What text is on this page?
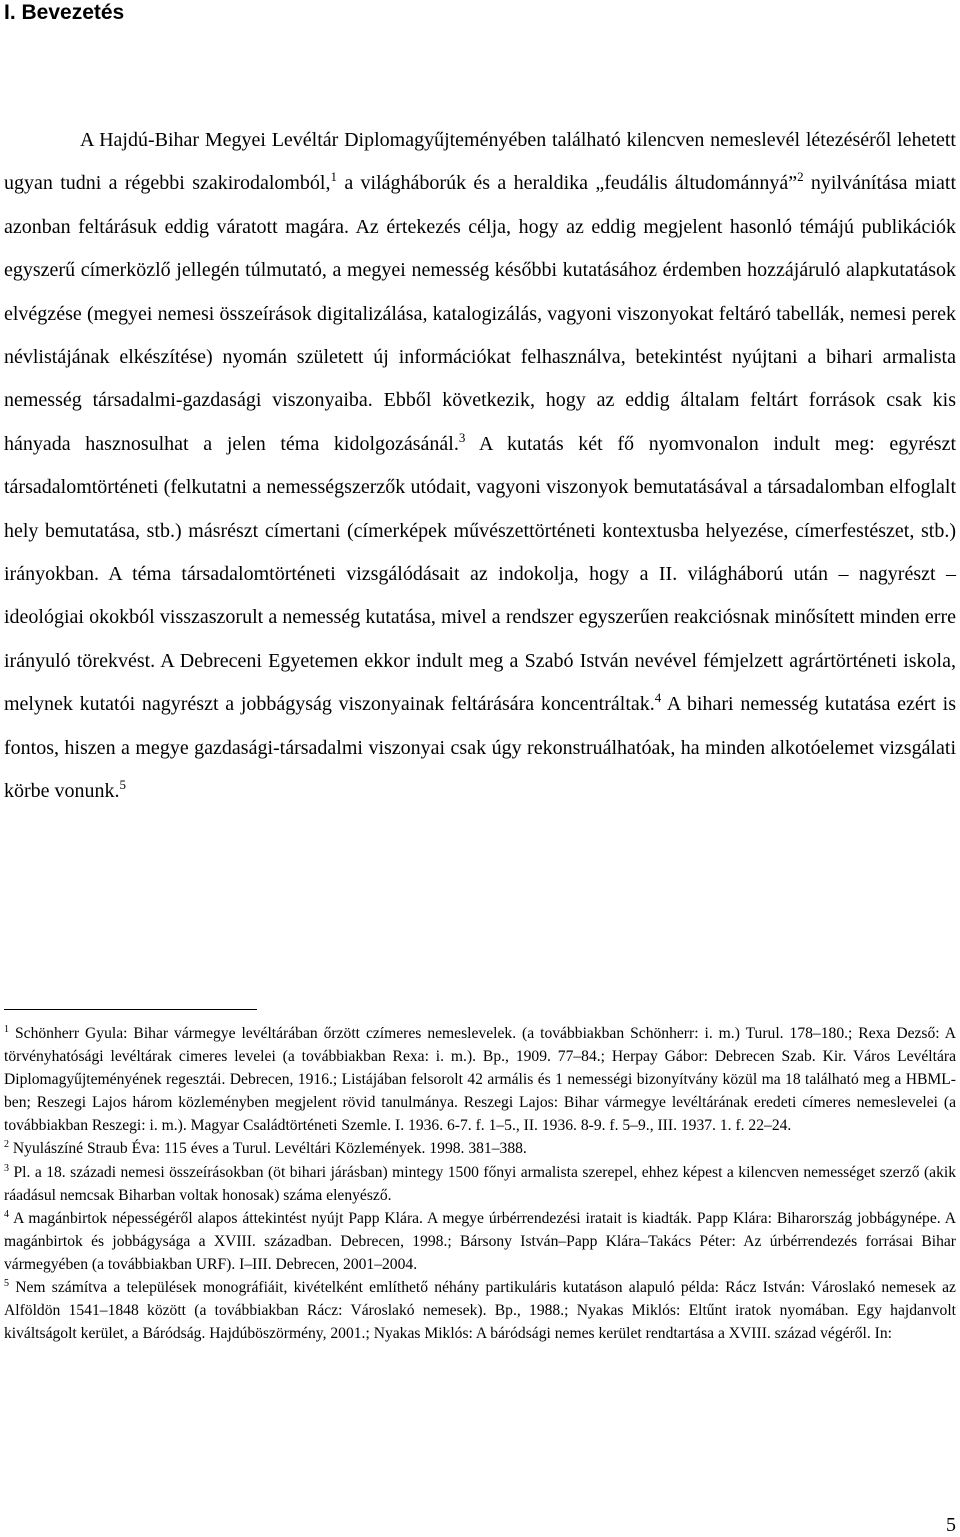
I. Bevezetés
A Hajdú-Bihar Megyei Levéltár Diplomagyűjteményében található kilencven nemeslevél létezéséről lehetett ugyan tudni a régebbi szakirodalomból,$^1$ a világháborúk és a heraldika „feudális áltudománnyá”$^2$ nyilvánítása miatt azonban feltárásuk eddig váratott magára. Az értekezés célja, hogy az eddig megjelent hasonló témájú publikációk egyszerű címerközlő jellegén túlmutató, a megyei nemesség későbbi kutatásához érdemben hozzájáruló alapkutatások elvégzése (megyei nemesi összeírások digitalizálása, katalogizálás, vagyoni viszonyokat feltáró tabellák, nemesi perek névlistájának elkészítése) nyomán született új információkat felhasználva, betekintést nyújtani a bihari armalista nemesség társadalmi-gazdasági viszonyaiba. Ebből következik, hogy az eddig általam feltárt források csak kis hányada hasznosulhat a jelen téma kidolgozásánál.$^3$ A kutatás két fő nyomvonalon indult meg: egyrészt társadalomtörténeti (felkutatni a nemességszerzők utódait, vagyoni viszonyok bemutatásával a társadalomban elfoglalt hely bemutatása, stb.) másrészt címertani (címerképek művészettörténeti kontextusba helyezése, címerfestészet, stb.) irányokban. A téma társadalomtörténeti vizsgálódásait az indokolja, hogy a II. világháború után – nagyrészt – ideológiai okokból visszaszorult a nemesség kutatása, mivel a rendszer egyszerűen reakciósnak minősített minden erre irányuló törekvést. A Debreceni Egyetemen ekkor indult meg a Szabó István nevével fémjelzett agrártörténeti iskola, melynek kutatói nagyrészt a jobbágyság viszonyainak feltárására koncentráltak.$^4$ A bihari nemesség kutatása ezért is fontos, hiszen a megye gazdasági-társadalmi viszonyai csak úgy rekonstruálhatóak, ha minden alkotóelemet vizsgálati körbe vonunk.$^5$

$^1$ Schönherr Gyula: Bihar vármegye levéltárában őrzött czímeres nemeslevelek. (a továbbiakban Schönherr: i. m.) Turul. 178–180.; Rexa Dezső: A törvényhatósági levéltárak cimeres levelei (a továbbiakban Rexa: i. m.). Bp., 1909. 77–84.; Herpay Gábor: Debrecen Szab. Kir. Város Levéltára Diplomagyűjteményének regesztái. Debrecen, 1916.; Listájában felsorolt 42 armális és 1 nemességi bizonyítvány közül ma 18 található meg a HBML-ben; Reszegi Lajos három közleményben megjelent rövid tanulmánya. Reszegi Lajos: Bihar vármegye levéltárának eredeti címeres nemeslevelei (a továbbiakban Reszegi: i. m.). Magyar Családtörténeti Szemle. I. 1936. 6-7. f. 1–5., II. 1936. 8-9. f. 5–9., III. 1937. 1. f. 22–24.

$^2$ Nyulászíné Straub Éva: 115 éves a Turul. Levéltári Közlemények. 1998. 381–388.

$^3$ Pl. a 18. századi nemesi összeírásokban (öt bihari járásban) mintegy 1500 főnyi armalista szerepel, ehhez képest a kilencven nemességet szerző (akik ráadásul nemcsak Biharban voltak honosak) száma elenyésző.

$^4$ A magánbirtok népességéről alapos áttekintést nyújt Papp Klára. A megye úrbérrendezési iratait is kiadták. Papp Klára: Biharország jobbágynépe. A magánbirtok és jobbágysága a XVIII. században. Debrecen, 1998.; Bársony István–Papp Klára–Takács Péter: Az úrbérrendezés forrásai Bihar vármegyében (a továbbiakban URF). I–III. Debrecen, 2001–2004.

$^5$ Nem számítva a települések monográfiáit, kivételként említhető néhány partikuláris kutatáson alapuló példa: Rácz István: Városlakó nemesek az Alföldön 1541–1848 között (a továbbiakban Rácz: Városlakó nemesek). Bp., 1988.; Nyakas Miklós: Eltűnt iratok nyomában. Egy hajdanvolt kiváltságolt kerület, a Báródság. Hajdúböszörmény, 2001.; Nyakas Miklós: A báródsági nemes kerület rendtartása a XVIII. század végéről. In:

5
